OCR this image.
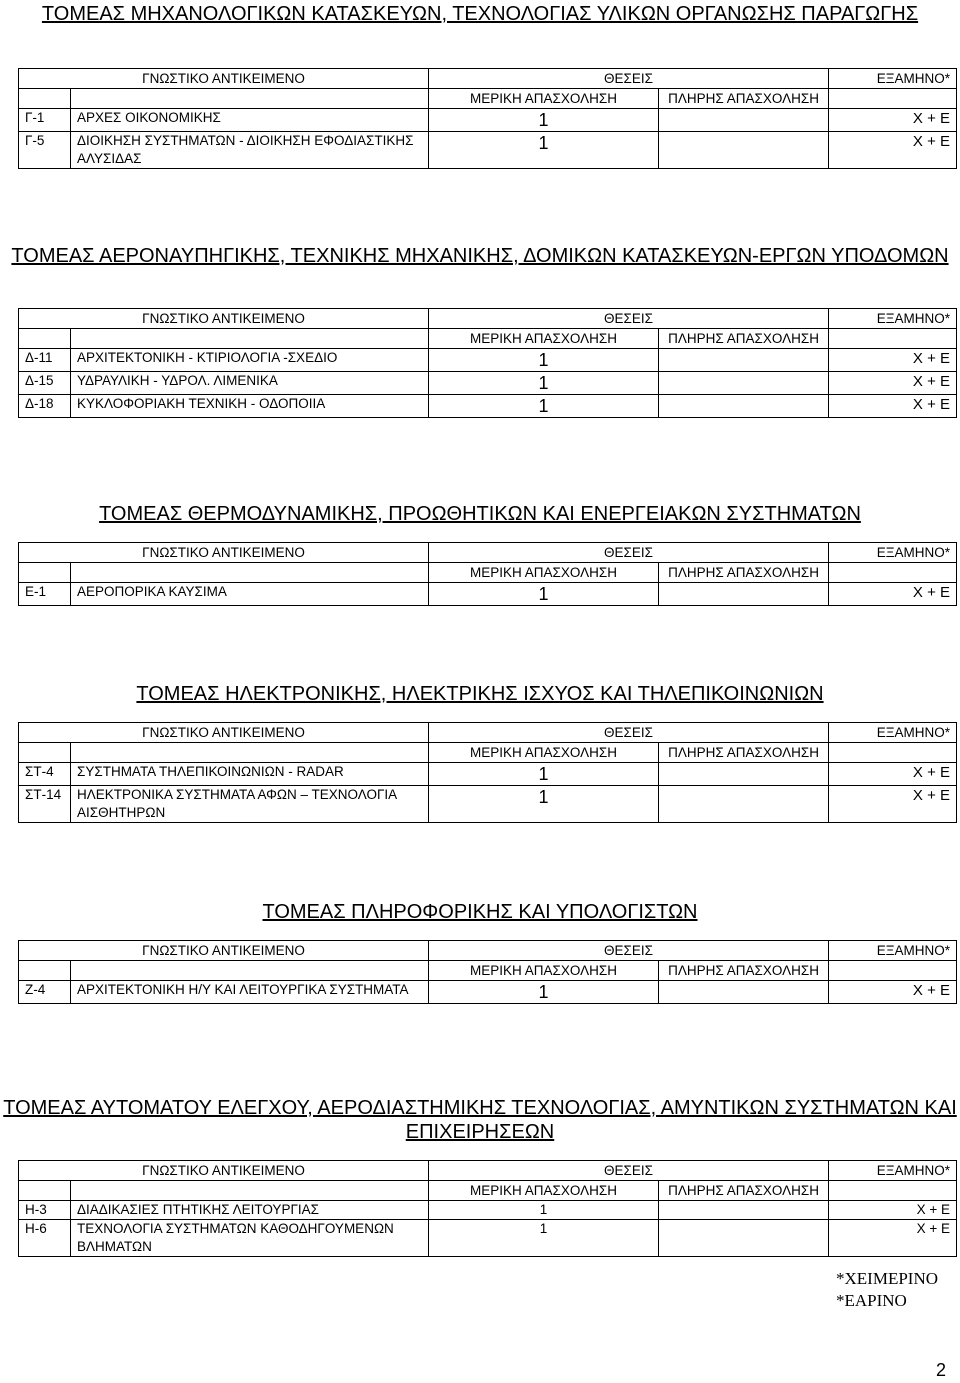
ΤΟΜΕΑΣ ΜΗΧΑΝΟΛΟΓΙΚΩΝ ΚΑΤΑΣΚΕΥΩΝ, ΤΕΧΝΟΛΟΓΙΑΣ ΥΛΙΚΩΝ ΟΡΓΑΝΩΣΗΣ ΠΑΡΑΓΩΓΗΣ
ΓΝΩΣΤΙΚΟ ΑΝΤΙΚΕΙΜΕΝΟ		ΘΕΣΕΙΣ		ΕΞΑΜΗΝΟ*
		ΜΕΡΙΚΗ ΑΠΑΣΧΟΛΗΣΗ	ΠΛΗΡΗΣ ΑΠΑΣΧΟΛΗΣΗ	
Γ-1	ΑΡΧΕΣ ΟΙΚΟΝΟΜΙΚΗΣ	1		Χ + Ε
Γ-5	ΔΙΟΙΚΗΣΗ ΣΥΣΤΗΜΑΤΩΝ - ΔΙΟΙΚΗΣΗ ΕΦΟΔΙΑΣΤΙΚΗΣ ΑΛΥΣΙΔΑΣ	1		Χ + Ε
ΤΟΜΕΑΣ ΑΕΡΟΝΑΥΠΗΓΙΚΗΣ, ΤΕΧΝΙΚΗΣ ΜΗΧΑΝΙΚΗΣ, ΔΟΜΙΚΩΝ ΚΑΤΑΣΚΕΥΩΝ-ΕΡΓΩΝ ΥΠΟΔΟΜΩΝ
ΓΝΩΣΤΙΚΟ ΑΝΤΙΚΕΙΜΕΝΟ		ΘΕΣΕΙΣ		ΕΞΑΜΗΝΟ*
		ΜΕΡΙΚΗ ΑΠΑΣΧΟΛΗΣΗ	ΠΛΗΡΗΣ ΑΠΑΣΧΟΛΗΣΗ	
Δ-11	ΑΡΧΙΤΕΚΤΟΝΙΚΗ - ΚΤΙΡΙΟΛΟΓΙΑ -ΣΧΕΔΙΟ	1		Χ + Ε
Δ-15	ΥΔΡΑΥΛΙΚΗ - ΥΔΡΟΛ. ΛΙΜΕΝΙΚΑ	1		Χ + Ε
Δ-18	ΚΥΚΛΟΦΟΡΙΑΚΗ ΤΕΧΝΙΚΗ - ΟΔΟΠΟΙΙΑ	1		Χ + Ε
ΤΟΜΕΑΣ ΘΕΡΜΟΔΥΝΑΜΙΚΗΣ, ΠΡΟΩΘΗΤΙΚΩΝ ΚΑΙ ΕΝΕΡΓΕΙΑΚΩΝ ΣΥΣΤΗΜΑΤΩΝ
ΓΝΩΣΤΙΚΟ ΑΝΤΙΚΕΙΜΕΝΟ		ΘΕΣΕΙΣ		ΕΞΑΜΗΝΟ*
		ΜΕΡΙΚΗ ΑΠΑΣΧΟΛΗΣΗ	ΠΛΗΡΗΣ ΑΠΑΣΧΟΛΗΣΗ	
Ε-1	ΑΕΡΟΠΟΡΙΚΑ ΚΑΥΣΙΜΑ	1		Χ + Ε
ΤΟΜΕΑΣ ΗΛΕΚΤΡΟΝΙΚΗΣ, ΗΛΕΚΤΡΙΚΗΣ ΙΣΧΥΟΣ ΚΑΙ ΤΗΛΕΠΙΚΟΙΝΩΝΙΩΝ
ΓΝΩΣΤΙΚΟ ΑΝΤΙΚΕΙΜΕΝΟ		ΘΕΣΕΙΣ		ΕΞΑΜΗΝΟ*
		ΜΕΡΙΚΗ ΑΠΑΣΧΟΛΗΣΗ	ΠΛΗΡΗΣ ΑΠΑΣΧΟΛΗΣΗ	
ΣΤ-4	ΣΥΣΤΗΜΑΤΑ ΤΗΛΕΠΙΚΟΙΝΩΝΙΩΝ - RADAR	1		Χ + Ε
ΣΤ-14	ΗΛΕΚΤΡΟΝΙΚΑ ΣΥΣΤΗΜΑΤΑ ΑΦΩΝ – ΤΕΧΝΟΛΟΓΙΑ ΑΙΣΘΗΤΗΡΩΝ	1		Χ + Ε
ΤΟΜΕΑΣ ΠΛΗΡΟΦΟΡΙΚΗΣ ΚΑΙ ΥΠΟΛΟΓΙΣΤΩΝ
ΓΝΩΣΤΙΚΟ ΑΝΤΙΚΕΙΜΕΝΟ		ΘΕΣΕΙΣ		ΕΞΑΜΗΝΟ*
		ΜΕΡΙΚΗ ΑΠΑΣΧΟΛΗΣΗ	ΠΛΗΡΗΣ ΑΠΑΣΧΟΛΗΣΗ	
Ζ-4	ΑΡΧΙΤΕΚΤΟΝΙΚΗ Η/Υ ΚΑΙ ΛΕΙΤΟΥΡΓΙΚΑ ΣΥΣΤΗΜΑΤΑ	1		Χ + Ε
ΤΟΜΕΑΣ ΑΥΤΟΜΑΤΟΥ ΕΛΕΓΧΟΥ, ΑΕΡΟΔΙΑΣΤΗΜΙΚΗΣ ΤΕΧΝΟΛΟΓΙΑΣ, ΑΜΥΝΤΙΚΩΝ ΣΥΣΤΗΜΑΤΩΝ ΚΑΙ ΕΠΙΧΕΙΡΗΣΕΩΝ
ΓΝΩΣΤΙΚΟ ΑΝΤΙΚΕΙΜΕΝΟ		ΘΕΣΕΙΣ		ΕΞΑΜΗΝΟ*
		ΜΕΡΙΚΗ ΑΠΑΣΧΟΛΗΣΗ	ΠΛΗΡΗΣ ΑΠΑΣΧΟΛΗΣΗ	
Η-3	ΔΙΑΔΙΚΑΣΙΕΣ ΠΤΗΤΙΚΗΣ ΛΕΙΤΟΥΡΓΙΑΣ	1		Χ + Ε
Η-6	ΤΕΧΝΟΛΟΓΙΑ ΣΥΣΤΗΜΑΤΩΝ ΚΑΘΟΔΗΓΟΥΜΕΝΩΝ ΒΛΗΜΑΤΩΝ	1		Χ + Ε
*ΧΕΙΜΕΡΙΝΟ
*ΕΑΡΙΝΟ
2
